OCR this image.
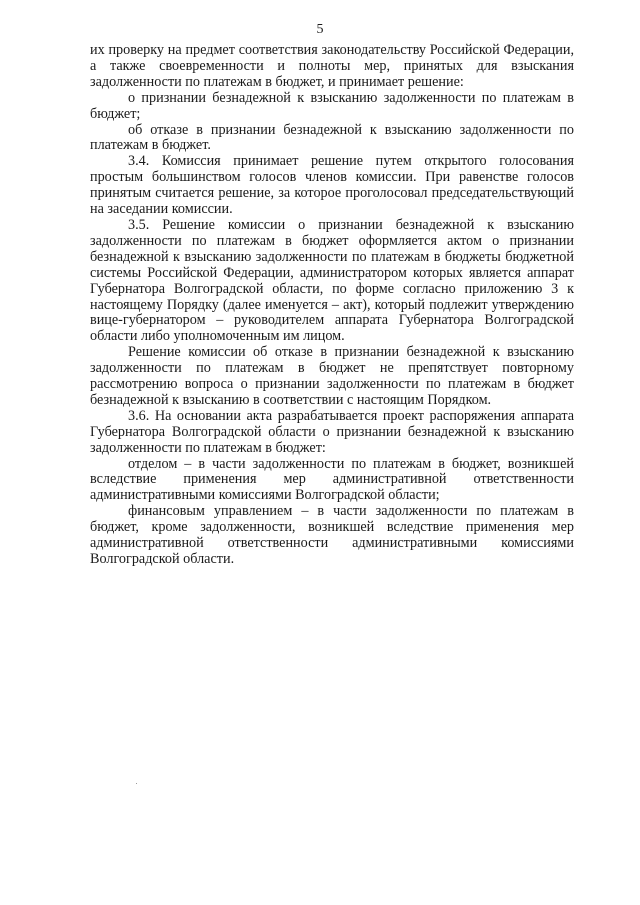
5

их проверку на предмет соответствия законодательству Российской Федерации, а также своевременности и полноты мер, принятых для взыскания задолженности по платежам в бюджет, и принимает решение:

о признании безнадежной к взысканию задолженности по платежам в бюджет;

об отказе в признании безнадежной к взысканию задолженности по платежам в бюджет.

3.4. Комиссия принимает решение путем открытого голосования простым большинством голосов членов комиссии. При равенстве голосов принятым считается решение, за которое проголосовал председательствующий на заседании комиссии.

3.5. Решение комиссии о признании безнадежной к взысканию задолженности по платежам в бюджет оформляется актом о признании безнадежной к взысканию задолженности по платежам в бюджеты бюджетной системы Российской Федерации, администратором которых является аппарат Губернатора Волгоградской области, по форме согласно приложению 3 к настоящему Порядку (далее именуется – акт), который подлежит утверждению вице-губернатором – руководителем аппарата Губернатора Волгоградской области либо уполномоченным им лицом.

Решение комиссии об отказе в признании безнадежной к взысканию задолженности по платежам в бюджет не препятствует повторному рассмотрению вопроса о признании задолженности по платежам в бюджет безнадежной к взысканию в соответствии с настоящим Порядком.

3.6. На основании акта разрабатывается проект распоряжения аппарата Губернатора Волгоградской области о признании безнадежной к взысканию задолженности по платежам в бюджет:

отделом – в части задолженности по платежам в бюджет, возникшей вследствие применения мер административной ответственности административными комиссиями Волгоградской области;

финансовым управлением – в части задолженности по платежам в бюджет, кроме задолженности, возникшей вследствие применения мер административной ответственности административными комиссиями Волгоградской области.
